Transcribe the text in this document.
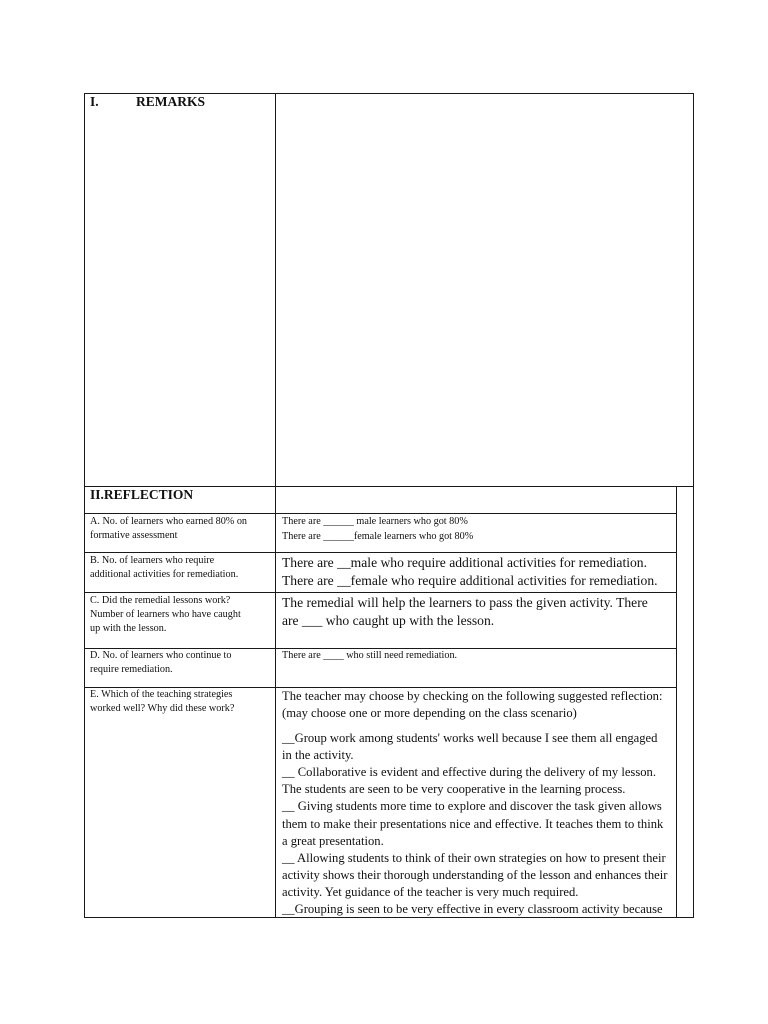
I.	REMARKS
II.REFLECTION
A. No. of learners who earned 80% on
formative assessment
There are ______ male learners who got 80%
There are ______female learners who got 80%
B. No. of learners who require
additional activities for remediation.
There are __male who require additional activities for remediation.
There are __female who require additional activities for remediation.
C. Did the remedial lessons work?
Number of learners who have caught
up with the lesson.
The remedial will help the learners to pass the given activity. There
are ___ who caught up with the lesson.
D. No. of learners who continue to
require remediation.
There are ____ who still need remediation.
E. Which of the teaching strategies
worked well? Why did these work?
The teacher may choose by checking on the following suggested reflection:
(may choose one or more depending on the class scenario)
__Group work among students' works well because I see them all engaged
in the activity.
__ Collaborative is evident and effective during the delivery of my lesson.
The students are seen to be very cooperative in the learning process.
__ Giving students more time to explore and discover the task given allows
them to make their presentations nice and effective. It teaches them to think
a great presentation.
__ Allowing students to think of their own strategies on how to present their
activity shows their thorough understanding of the lesson and enhances their
activity. Yet guidance of the teacher is very much required.
__Grouping is seen to be very effective in every classroom activity because
